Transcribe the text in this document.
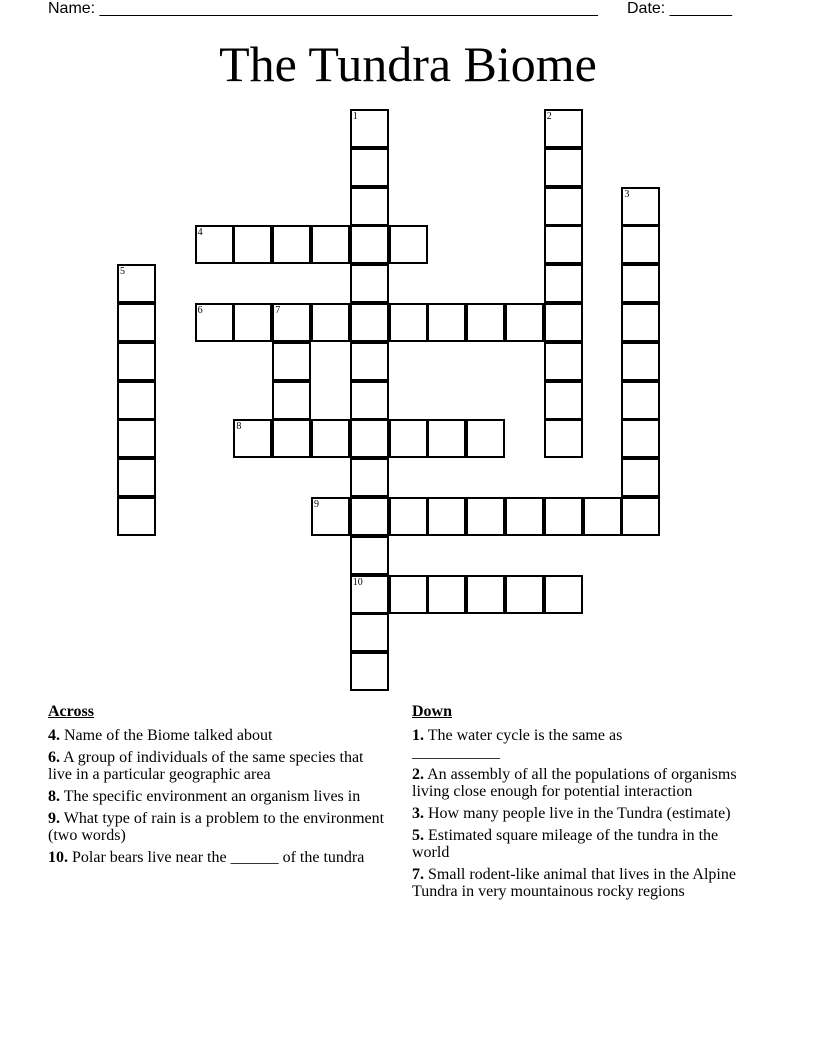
Name: ________________________________________________________ Date: _______
The Tundra Biome
1
10
2
3
4
5
6	7
8
9
Across
4. Name of the Biome talked about
6. A group of individuals of the same species that live in a particular geographic area
8. The specific environment an organism lives in
9. What type of rain is a problem to the environment (two words)
10. Polar bears live near the ______ of the tundra
Down
1. The water cycle is the same as
___________
2. An assembly of all the populations of organisms living close enough for potential interaction
3. How many people live in the Tundra (estimate)
5. Estimated square mileage of the tundra in the world
7. Small rodent-like animal that lives in the Alpine Tundra in very mountainous rocky regions
